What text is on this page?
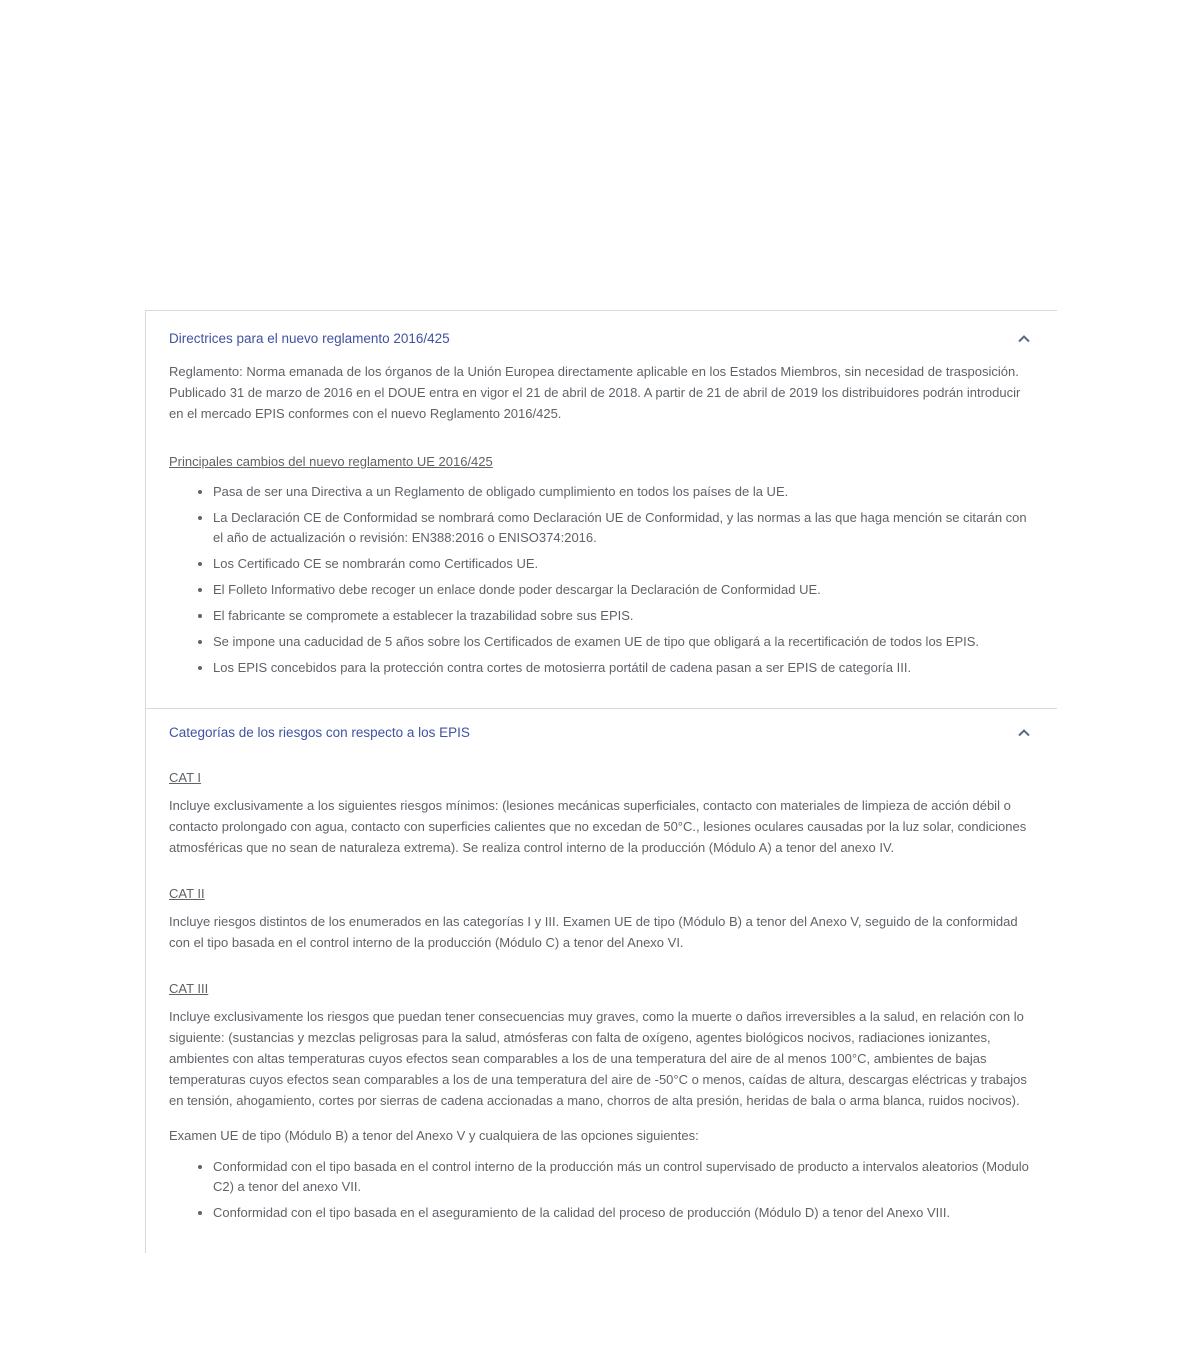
Directrices para el nuevo reglamento 2016/425

Reglamento: Norma emanada de los órganos de la Unión Europea directamente aplicable en los Estados Miembros, sin necesidad de trasposición. Publicado 31 de marzo de 2016 en el DOUE entra en vigor el 21 de abril de 2018. A partir de 21 de abril de 2019 los distribuidores podrán introducir en el mercado EPIS conformes con el nuevo Reglamento 2016/425.

Principales cambios del nuevo reglamento UE 2016/425
• Pasa de ser una Directiva a un Reglamento de obligado cumplimiento en todos los países de la UE.
• La Declaración CE de Conformidad se nombrará como Declaración UE de Conformidad, y las normas a las que haga mención se citarán con el año de actualización o revisión: EN388:2016 o ENISO374:2016.
• Los Certificado CE se nombrarán como Certificados UE.
• El Folleto Informativo debe recoger un enlace donde poder descargar la Declaración de Conformidad UE.
• El fabricante se compromete a establecer la trazabilidad sobre sus EPIS.
• Se impone una caducidad de 5 años sobre los Certificados de examen UE de tipo que obligará a la recertificación de todos los EPIS.
• Los EPIS concebidos para la protección contra cortes de motosierra portátil de cadena pasan a ser EPIS de categoría III.
Categorías de los riesgos con respecto a los EPIS
CAT I

Incluye exclusivamente a los siguientes riesgos mínimos: (lesiones mecánicas superficiales, contacto con materiales de limpieza de acción débil o contacto prolongado con agua, contacto con superficies calientes que no excedan de 50°C., lesiones oculares causadas por la luz solar, condiciones atmosféricas que no sean de naturaleza extrema). Se realiza control interno de la producción (Módulo A) a tenor del anexo IV.

CAT II

Incluye riesgos distintos de los enumerados en las categorías I y III. Examen UE de tipo (Módulo B) a tenor del Anexo V, seguido de la conformidad con el tipo basada en el control interno de la producción (Módulo C) a tenor del Anexo VI.

CAT III

Incluye exclusivamente los riesgos que puedan tener consecuencias muy graves, como la muerte o daños irreversibles a la salud, en relación con lo siguiente: (sustancias y mezclas peligrosas para la salud, atmósferas con falta de oxígeno, agentes biológicos nocivos, radiaciones ionizantes, ambientes con altas temperaturas cuyos efectos sean comparables a los de una temperatura del aire de al menos 100°C, ambientes de bajas temperaturas cuyos efectos sean comparables a los de una temperatura del aire de -50°C o menos, caídas de altura, descargas eléctricas y trabajos en tensión, ahogamiento, cortes por sierras de cadena accionadas a mano, chorros de alta presión, heridas de bala o arma blanca, ruidos nocivos).

Examen UE de tipo (Módulo B) a tenor del Anexo V y cualquiera de las opciones siguientes:

• Conformidad con el tipo basada en el control interno de la producción más un control supervisado de producto a intervalos aleatorios (Modulo C2) a tenor del anexo VII.
• Conformidad con el tipo basada en el aseguramiento de la calidad del proceso de producción (Módulo D) a tenor del Anexo VIII.
